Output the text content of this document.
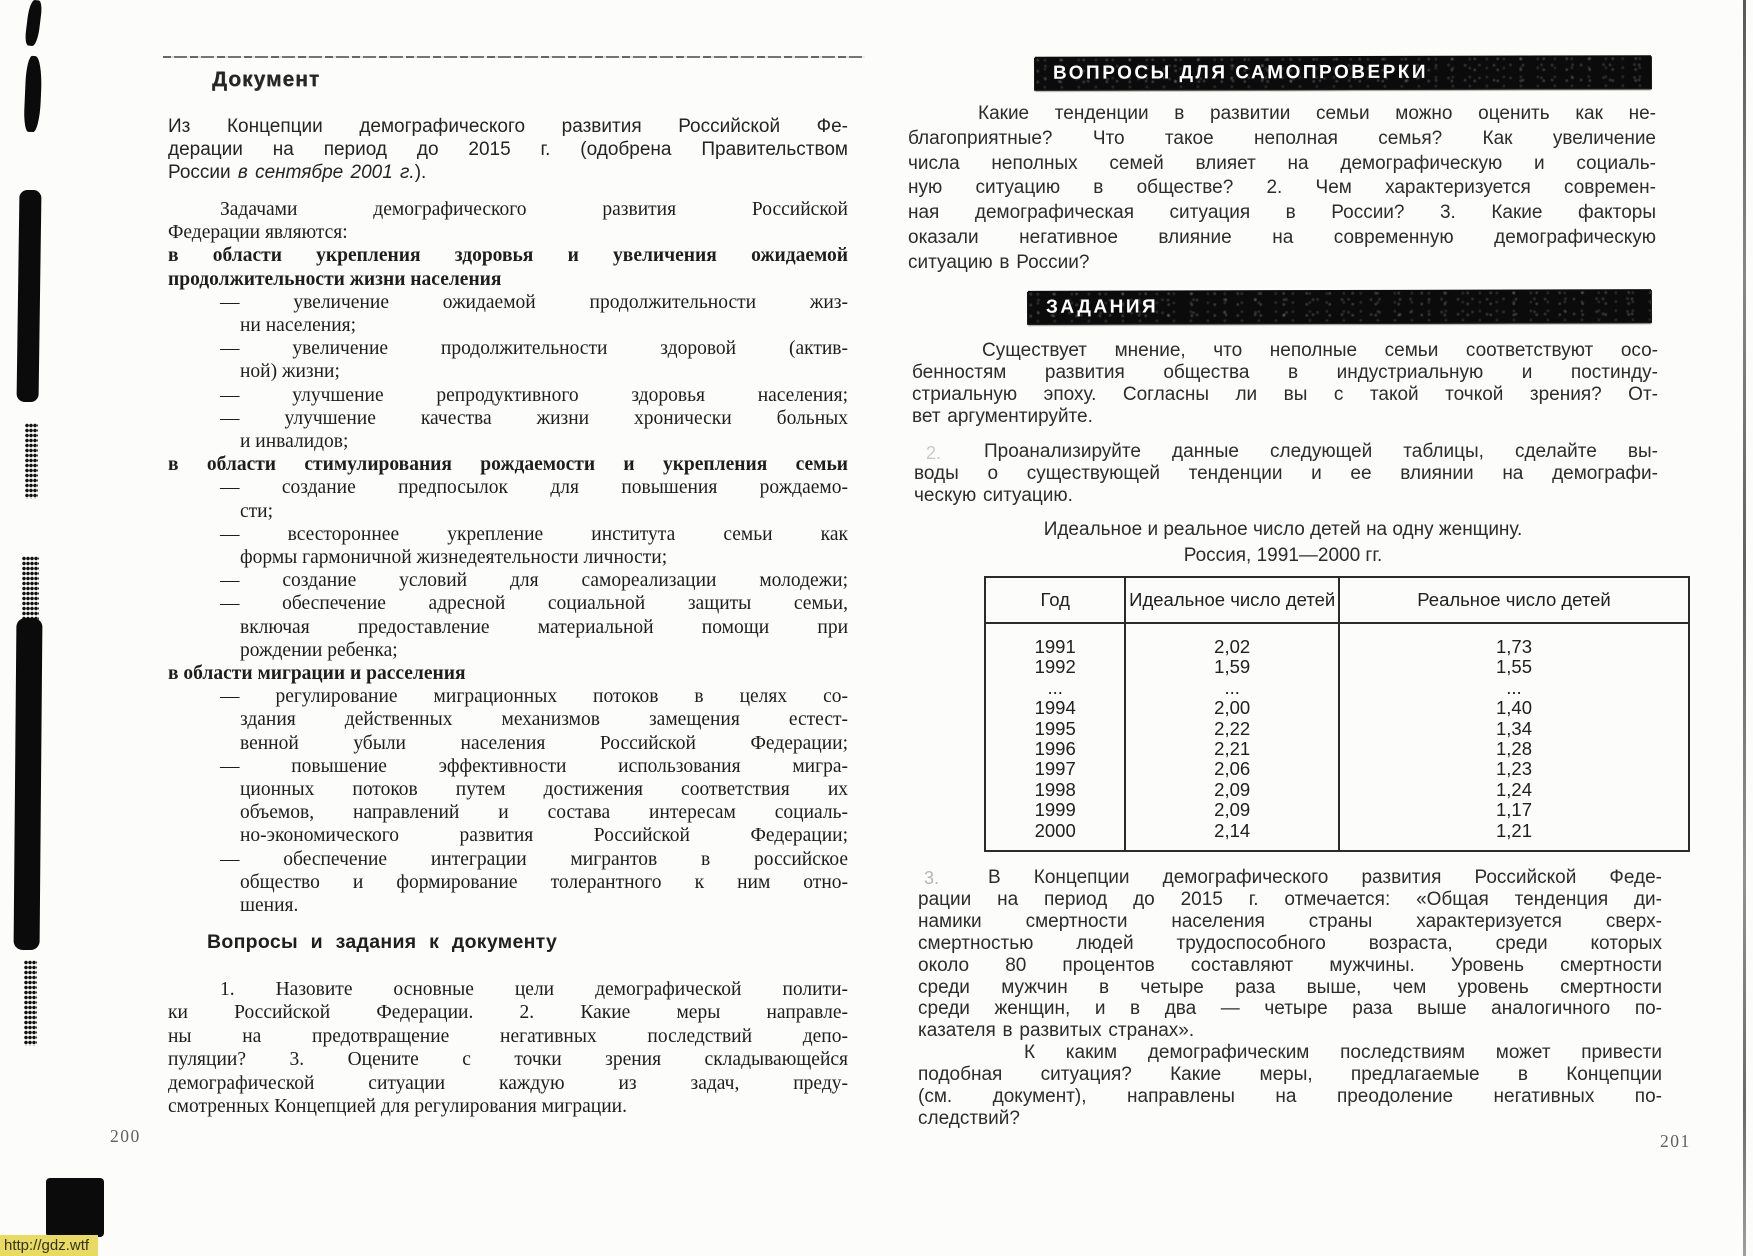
Документ
Из Концепции демографического развития Российской Фе-
дерации на период до 2015 г. (одобрена Правительством
России в сентябре 2001 г.).
Задачами демографического развития Российской
Федерации являются:
в области укрепления здоровья и увеличения ожидаемой
продолжительности жизни населения
— увеличение ожидаемой продолжительности жиз-
ни населения;
— увеличение продолжительности здоровой (актив-
ной) жизни;
— улучшение репродуктивного здоровья населения;
— улучшение качества жизни хронически больных
и инвалидов;
в области стимулирования рождаемости и укрепления семьи
— создание предпосылок для повышения рождаемо-
сти;
— всестороннее укрепление института семьи как
формы гармоничной жизнедеятельности личности;
— создание условий для самореализации молодежи;
— обеспечение адресной социальной защиты семьи,
включая предоставление материальной помощи при
рождении ребенка;
в области миграции и расселения
— регулирование миграционных потоков в целях со-
здания действенных механизмов замещения естест-
венной убыли населения Российской Федерации;
— повышение эффективности использования мигра-
ционных потоков путем достижения соответствия их
объемов, направлений и состава интересам социаль-
но-экономического развития Российской Федерации;
— обеспечение интеграции мигрантов в российское
общество и формирование толерантного к ним отно-
шения.
Вопросы и задания к документу
1. Назовите основные цели демографической полити-
ки Российской Федерации. 2. Какие меры направле-
ны на предотвращение негативных последствий депо-
пуляции? 3. Оцените с точки зрения складывающейся
демографической ситуации каждую из задач, преду-
смотренных Концепцией для регулирования миграции.
200
ВОПРОСЫ ДЛЯ САМОПРОВЕРКИ
Какие тенденции в развитии семьи можно оценить как не-
благоприятные? Что такое неполная семья? Как увеличение
числа неполных семей влияет на демографическую и социаль-
ную ситуацию в обществе? 2. Чем характеризуется современ-
ная демографическая ситуация в России? 3. Какие факторы
оказали негативное влияние на современную демографическую
ситуацию в России?
ЗАДАНИЯ
Существует мнение, что неполные семьи соответствуют осо-
бенностям развития общества в индустриальную и постинду-
стриальную эпоху. Согласны ли вы с такой точкой зрения? От-
вет аргументируйте.
2.	Проанализируйте данные следующей таблицы, сделайте вы-
воды о существующей тенденции и ее влиянии на демографи-
ческую ситуацию.
Идеальное и реальное число детей на одну женщину.
Россия, 1991—2000 гг.
Год	Идеальное число детей	Реальное число детей
1991	2,02	1,73
1992	1,59	1,55
...	...	...
1994	2,00	1,40
1995	2,22	1,34
1996	2,21	1,28
1997	2,06	1,23
1998	2,09	1,24
1999	2,09	1,17
2000	2,14	1,21
3.	В Концепции демографического развития Российской Феде-
рации на период до 2015 г. отмечается: «Общая тенденция ди-
намики смертности населения страны характеризуется сверх-
смертностью людей трудоспособного возраста, среди которых
около 80 процентов составляют мужчины. Уровень смертности
среди мужчин в четыре раза выше, чем уровень смертности
среди женщин, и в два — четыре раза выше аналогичного по-
казателя в развитых странах».
К каким демографическим последствиям может привести
подобная ситуация? Какие меры, предлагаемые в Концепции
(см. документ), направлены на преодоление негативных по-
следствий?
201
http://gdz.wtf
